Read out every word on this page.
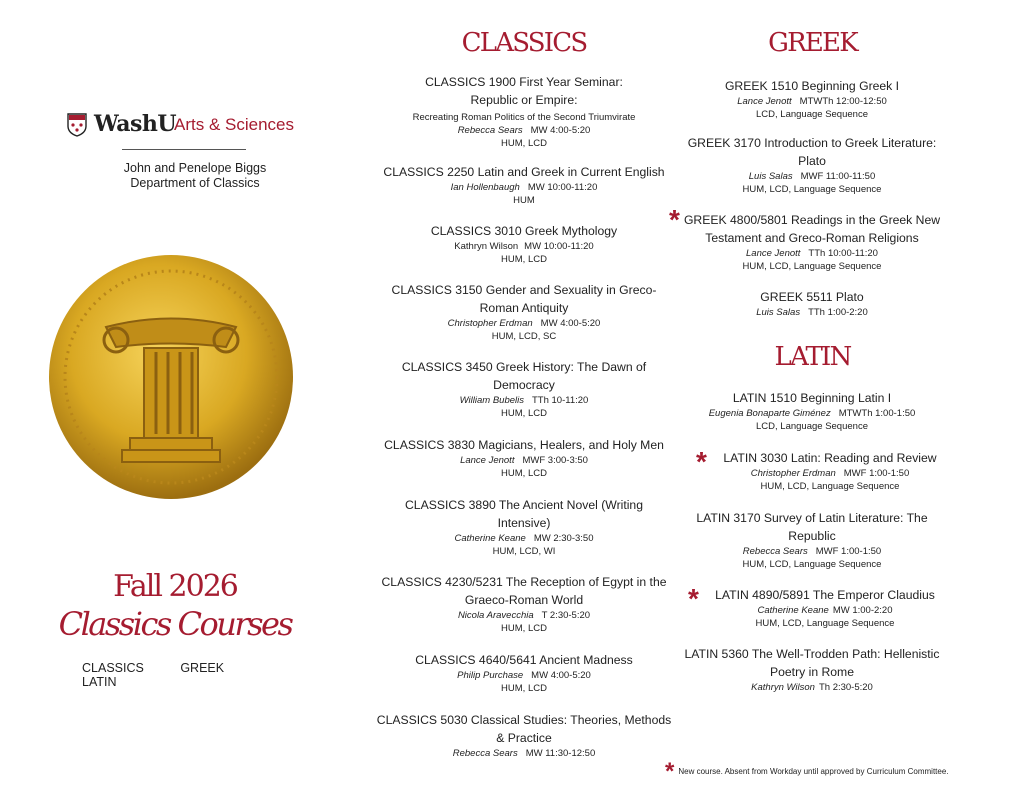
WashU
Arts & Sciences
John and Penelope Biggs
Department of Classics
Fall 2026
Classics Courses
CLASSICS	GREEK LATIN
CLASSICS	GREEK
LATIN
CLASSICS 1900 First Year Seminar: Republic or Empire:
Recreating Roman Politics of the Second Triumvirate
Rebecca Sears MW 4:00-5:20
HUM, LCD
CLASSICS 2250 Latin and Greek in Current English
Ian Hollenbaugh MW 10:00-11:20
HUM
CLASSICS 3010 Greek Mythology
Kathryn Wilson MW 10:00-11:20
HUM, LCD
CLASSICS 3150 Gender and Sexuality in Greco-Roman Antiquity
Christopher Erdman MW 4:00-5:20
HUM, LCD, SC
CLASSICS 3450 Greek History: The Dawn of Democracy
William Bubelis TTh 10-11:20
HUM, LCD
CLASSICS 3830 Magicians, Healers, and Holy Men
Lance Jenott MWF 3:00-3:50
HUM, LCD
CLASSICS 3890 The Ancient Novel (Writing Intensive)
Catherine Keane MW 2:30-3:50
HUM, LCD, WI
CLASSICS 4230/5231 The Reception of Egypt in the Graeco-Roman World
Nicola Aravecchia T 2:30-5:20
HUM, LCD
CLASSICS 4640/5641 Ancient Madness
Philip Purchase MW 4:00-5:20
HUM, LCD
CLASSICS 5030 Classical Studies: Theories, Methods & Practice
Rebecca Sears MW 11:30-12:50
GREEK 1510 Beginning Greek I
Lance Jenott MTWTh 12:00-12:50
LCD, Language Sequence
GREEK 3170 Introduction to Greek Literature: Plato
Luis Salas MWF 11:00-11:50
HUM, LCD, Language Sequence
* GREEK 4800/5801 Readings in the Greek New Testament and Greco-Roman Religions
Lance Jenott TTh 10:00-11:20
HUM, LCD, Language Sequence
GREEK 5511 Plato
Luis Salas TTh 1:00-2:20
LATIN 1510 Beginning Latin I
Eugenia Bonaparte Giménez MTWTh 1:00-1:50
LCD, Language Sequence
*	LATIN 3030 Latin: Reading and Review
Christopher Erdman MWF 1:00-1:50
HUM, LCD, Language Sequence
LATIN 3170 Survey of Latin Literature: The Republic
Rebecca Sears MWF 1:00-1:50
HUM, LCD, Language Sequence
*	LATIN 4890/5891 The Emperor Claudius
Catherine Keane MW 1:00-2:20
HUM, LCD, Language Sequence
LATIN 5360 The Well-Trodden Path: Hellenistic Poetry in Rome
Kathryn Wilson Th 2:30-5:20
* New course. Absent from Workday until approved by Curriculum Committee.
